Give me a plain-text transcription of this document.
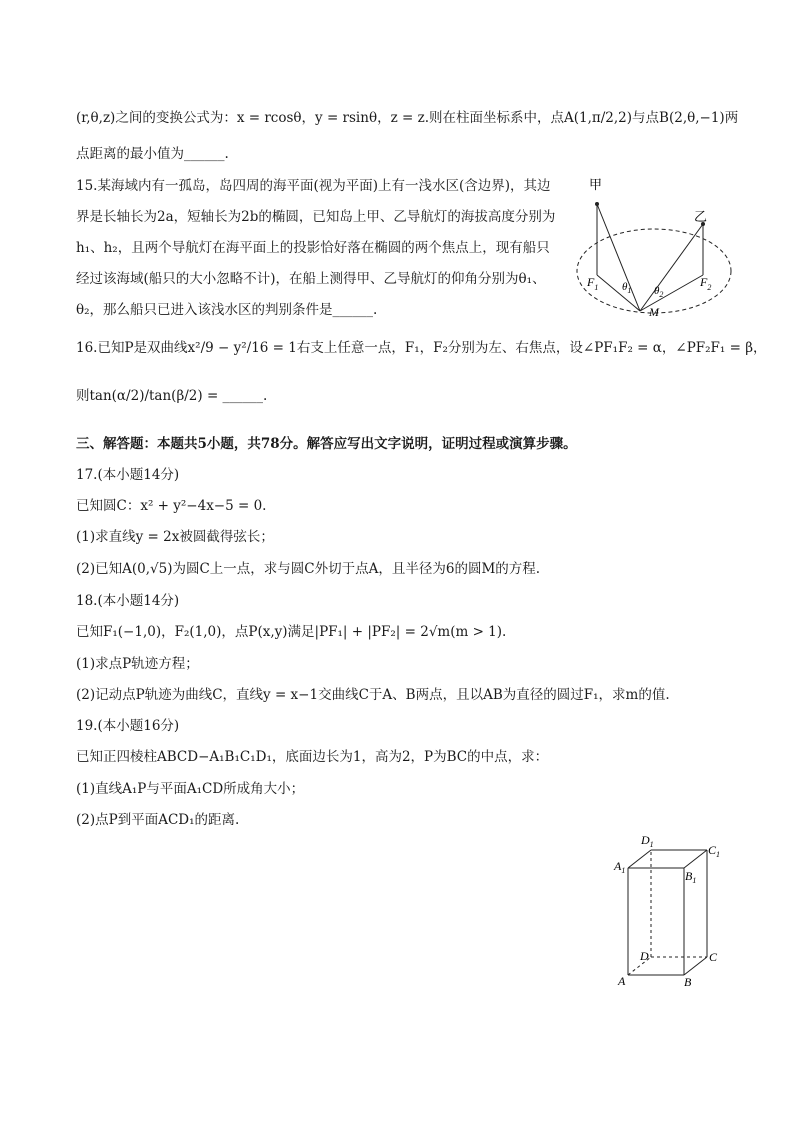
(r,θ,z)之间的变换公式为：x = rcosθ，y = rsinθ，z = z.则在柱面坐标系中，点A(1,π/2,2)与点B(2,θ,−1)两
点距离的最小值为______.
15.某海域内有一孤岛，岛四周的海平面(视为平面)上有一浅水区(含边界)，其边
界是长轴长为2a，短轴长为2b的椭圆，已知岛上甲、乙导航灯的海拔高度分别为
h₁、h₂，且两个导航灯在海平面上的投影恰好落在椭圆的两个焦点上，现有船只
经过该海域(船只的大小忽略不计)，在船上测得甲、乙导航灯的仰角分别为θ₁、
θ₂，那么船只已进入该浅水区的判别条件是______.
甲
乙
$F_1$	$F_2$
$\theta_1$ $\theta_2$
M
16.已知P是双曲线x²/9 − y²/16 = 1右支上任意一点，F₁，F₂分别为左、右焦点，设∠PF₁F₂ = α，∠PF₂F₁ = β，
则tan(α/2)/tan(β/2) = ______.
三、解答题：本题共5小题，共78分。解答应写出文字说明，证明过程或演算步骤。
17.(本小题14分)
已知圆C：x² + y²−4x−5 = 0.
(1)求直线y = 2x被圆截得弦长；
(2)已知A(0,√5)为圆C上一点，求与圆C外切于点A，且半径为6的圆M的方程.
18.(本小题14分)
已知F₁(−1,0)，F₂(1,0)，点P(x,y)满足|PF₁| + |PF₂| = 2√m(m > 1).
(1)求点P轨迹方程；
(2)记动点P轨迹为曲线C，直线y = x−1交曲线C于A、B两点，且以AB为直径的圆过F₁，求m的值.
19.(本小题16分)
已知正四棱柱ABCD−A₁B₁C₁D₁，底面边长为1，高为2，P为BC的中点，求：
(1)直线A₁P与平面A₁CD所成角大小；
(2)点P到平面ACD₁的距离.
$D_1$	$C_1$
$A_1$	$B_1$
D	C
A	B
